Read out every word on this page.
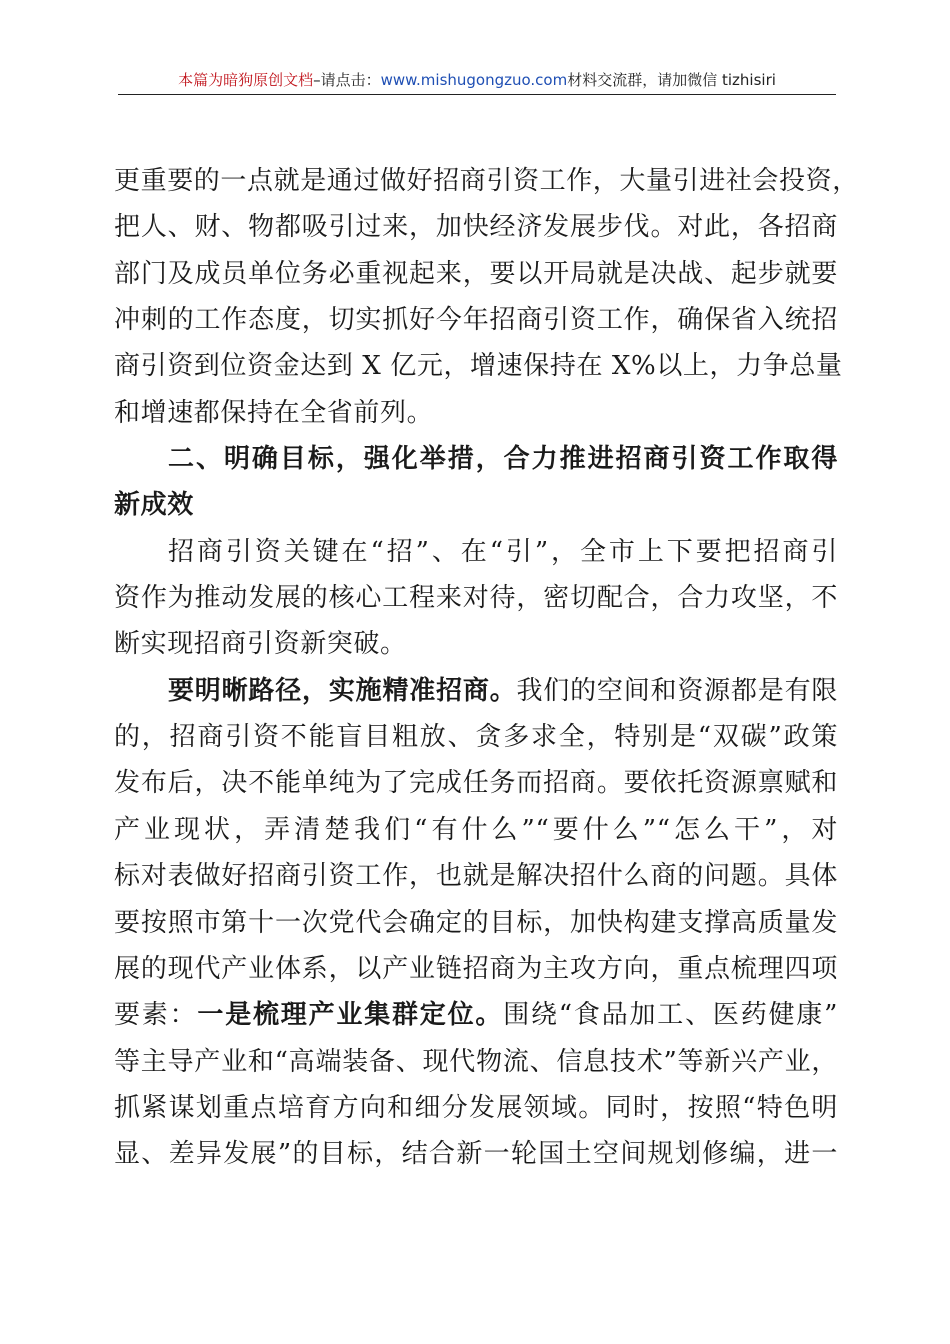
本篇为暗狗原创文档–请点击：www.mishugongzuo.com材料交流群，请加微信 tizhisiri
更重要的一点就是通过做好招商引资工作，大量引进社会投资，
把人、财、物都吸引过来，加快经济发展步伐。对此，各招商
部门及成员单位务必重视起来，要以开局就是决战、起步就要
冲刺的工作态度，切实抓好今年招商引资工作，确保省入统招
商引资到位资金达到 X 亿元，增速保持在 X%以上，力争总量
和增速都保持在全省前列。
二、明确目标，强化举措，合力推进招商引资工作取得
新成效
招商引资关键在“招”、在“引”，全市上下要把招商引
资作为推动发展的核心工程来对待，密切配合，合力攻坚，不
断实现招商引资新突破。
要明晰路径，实施精准招商。我们的空间和资源都是有限
的，招商引资不能盲目粗放、贪多求全，特别是“双碳”政策
发布后，决不能单纯为了完成任务而招商。要依托资源禀赋和
产业现状，弄清楚我们“有什么”“要什么”“怎么干”，对
标对表做好招商引资工作，也就是解决招什么商的问题。具体
要按照市第十一次党代会确定的目标，加快构建支撑高质量发
展的现代产业体系，以产业链招商为主攻方向，重点梳理四项
要素：一是梳理产业集群定位。围绕“食品加工、医药健康”
等主导产业和“高端装备、现代物流、信息技术”等新兴产业，
抓紧谋划重点培育方向和细分发展领域。同时，按照“特色明
显、差异发展”的目标，结合新一轮国土空间规划修编，进一
